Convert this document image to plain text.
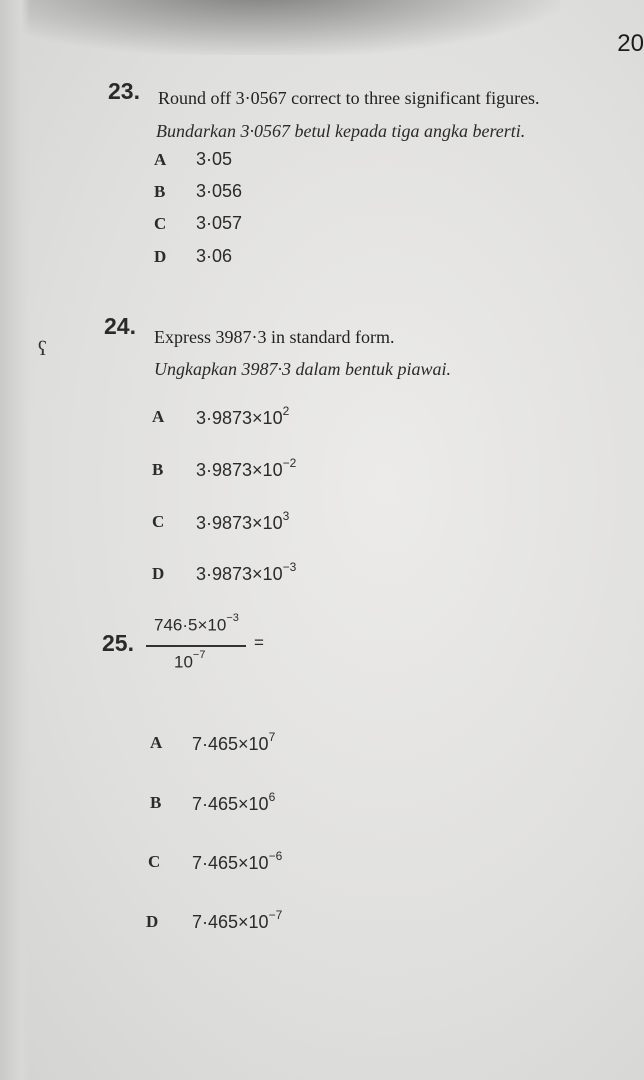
20
ʕ
23. Round off 3·0567 correct to three significant figures.
Bundarkan 3·0567 betul kepada tiga angka bererti.
A 3·05
B 3·056
C 3·057
D 3·06
24. Express 3987·3 in standard form.
Ungkapkan 3987·3 dalam bentuk piawai.
A $3\cdot 9873\times 10^2$
B $3\cdot 9873\times 10^{-2}$
C $3\cdot 9873\times 10^3$
D $3\cdot 9873\times 10^{-3}$
25.
$746\cdot 5\times 10^{-3}$
$10^{-7}$
=
A $7\cdot 465\times 10^7$
B $7\cdot 465\times 10^6$
C $7\cdot 465\times 10^{-6}$
D $7\cdot 465\times 10^{-7}$
